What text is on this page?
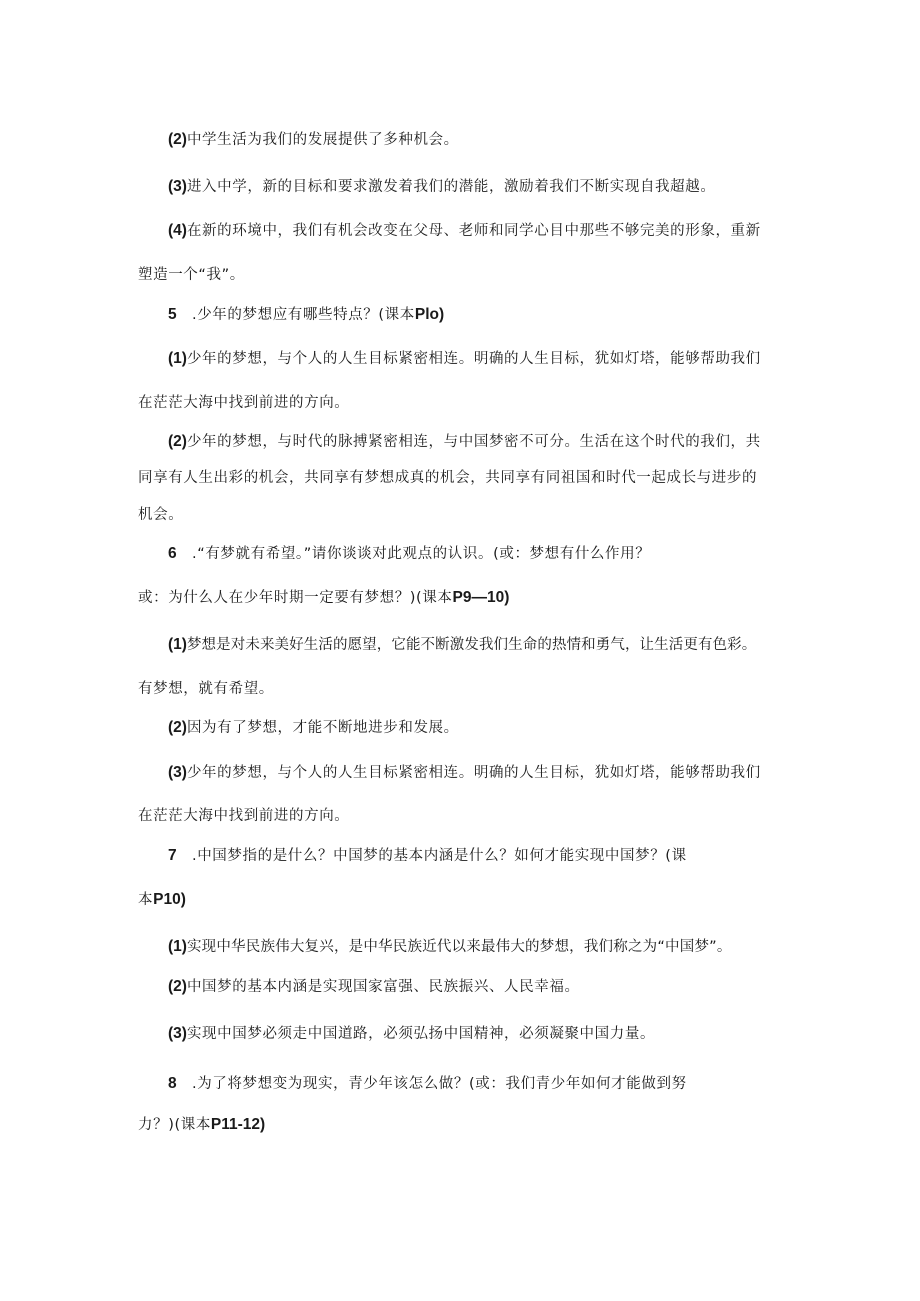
(2)中学生活为我们的发展提供了多种机会。
(3)进入中学，新的目标和要求激发着我们的潜能，激励着我们不断实现自我超越。
(4)在新的环境中，我们有机会改变在父母、老师和同学心目中那些不够完美的形象，重新
塑造一个“我”。
5 .少年的梦想应有哪些特点？(课本Plo)
(1)少年的梦想，与个人的人生目标紧密相连。明确的人生目标，犹如灯塔，能够帮助我们
在茫茫大海中找到前进的方向。
(2)少年的梦想，与时代的脉搏紧密相连，与中国梦密不可分。生活在这个时代的我们，共
同享有人生出彩的机会，共同享有梦想成真的机会，共同享有同祖国和时代一起成长与进步的
机会。
6 .“有梦就有希望。”请你谈谈对此观点的认识。(或：梦想有什么作用？
或：为什么人在少年时期一定要有梦想？)(课本P9—10)
(1)梦想是对未来美好生活的愿望，它能不断激发我们生命的热情和勇气，让生活更有色彩。
有梦想，就有希望。
(2)因为有了梦想，才能不断地进步和发展。
(3)少年的梦想，与个人的人生目标紧密相连。明确的人生目标，犹如灯塔，能够帮助我们
在茫茫大海中找到前进的方向。
7 .中国梦指的是什么？中国梦的基本内涵是什么？如何才能实现中国梦？(课
本P10)
(1)实现中华民族伟大复兴，是中华民族近代以来最伟大的梦想，我们称之为“中国梦”。
(2)中国梦的基本内涵是实现国家富强、民族振兴、人民幸福。
(3)实现中国梦必须走中国道路，必须弘扬中国精神，必须凝聚中国力量。
8 .为了将梦想变为现实，青少年该怎么做？(或：我们青少年如何才能做到努
力？)(课本P11-12)
